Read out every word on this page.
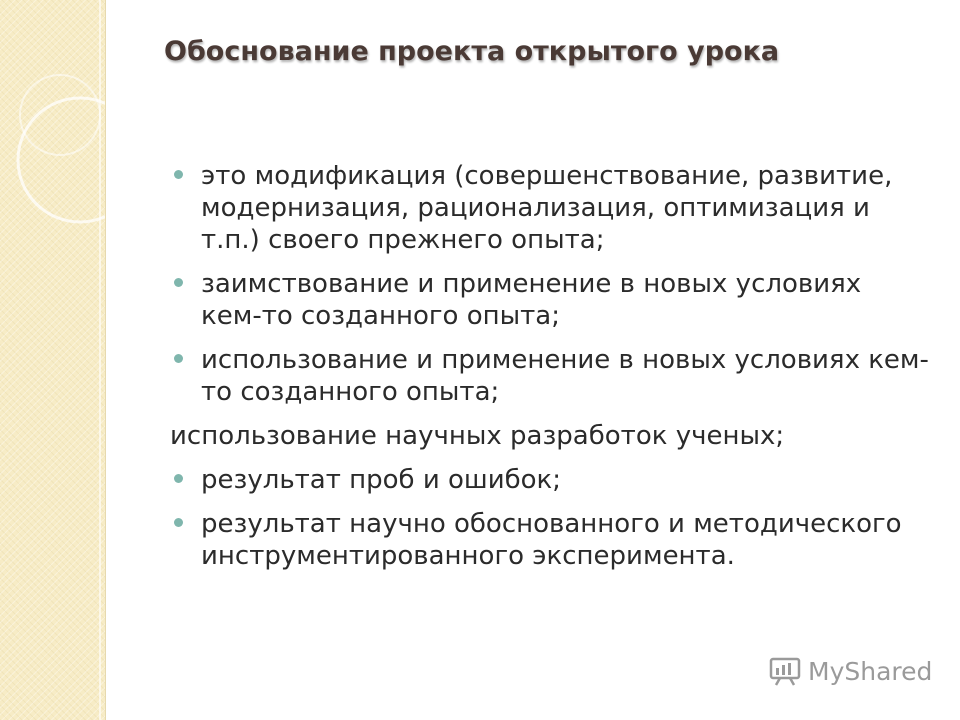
Обоснование проекта открытого урока
это модификация (совершенствование, развитие, модернизация, рационализация, оптимизация и т.п.) своего прежнего опыта;
заимствование и применение в новых условиях кем-то созданного опыта;
использование и применение в новых условиях кем-то созданного опыта;
использование научных разработок ученых;
результат проб и ошибок;
результат научно обоснованного и методического инструментированного эксперимента.
MyShared
